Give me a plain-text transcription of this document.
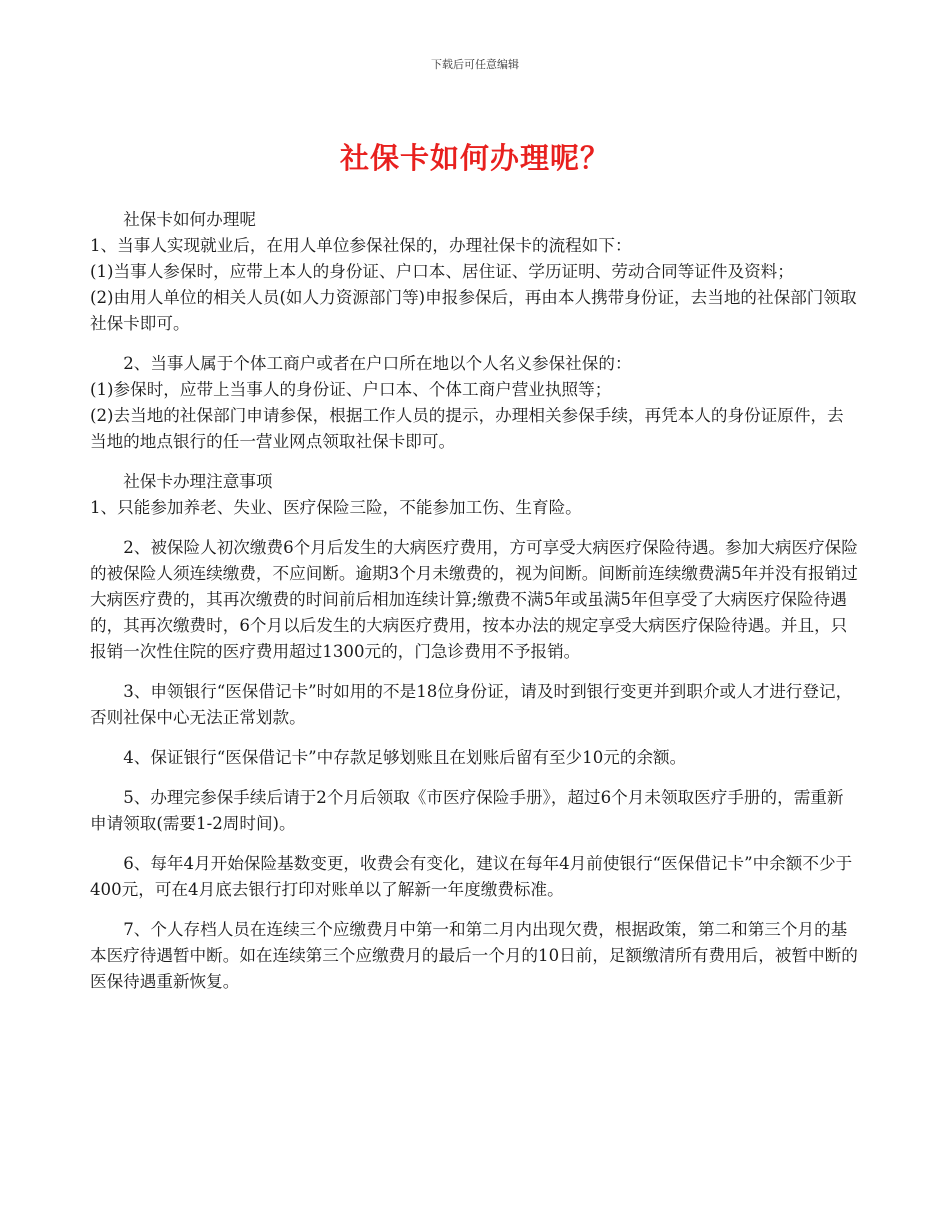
下载后可任意编辑
社保卡如何办理呢？

社保卡如何办理呢

1、当事人实现就业后，在用人单位参保社保的，办理社保卡的流程如下：

(1)当事人参保时，应带上本人的身份证、户口本、居住证、学历证明、劳动合同等证件及资料；

(2)由用人单位的相关人员(如人力资源部门等)申报参保后，再由本人携带身份证，去当地的社保部门领取社保卡即可。

2、当事人属于个体工商户或者在户口所在地以个人名义参保社保的：

(1)参保时，应带上当事人的身份证、户口本、个体工商户营业执照等；

(2)去当地的社保部门申请参保，根据工作人员的提示，办理相关参保手续，再凭本人的身份证原件，去当地的地点银行的任一营业网点领取社保卡即可。

社保卡办理注意事项

1、只能参加养老、失业、医疗保险三险，不能参加工伤、生育险。

2、被保险人初次缴费6个月后发生的大病医疗费用，方可享受大病医疗保险待遇。参加大病医疗保险的被保险人须连续缴费，不应间断。逾期3个月未缴费的，视为间断。间断前连续缴费满5年并没有报销过大病医疗费的，其再次缴费的时间前后相加连续计算;缴费不满5年或虽满5年但享受了大病医疗保险待遇的，其再次缴费时，6个月以后发生的大病医疗费用，按本办法的规定享受大病医疗保险待遇。并且，只报销一次性住院的医疗费用超过1300元的，门急诊费用不予报销。

3、申领银行“医保借记卡”时如用的不是18位身份证，请及时到银行变更并到职介或人才进行登记，否则社保中心无法正常划款。

4、保证银行“医保借记卡”中存款足够划账且在划账后留有至少10元的余额。

5、办理完参保手续后请于2个月后领取《市医疗保险手册》，超过6个月未领取医疗手册的，需重新申请领取(需要1-2周时间)。

6、每年4月开始保险基数变更，收费会有变化，建议在每年4月前使银行“医保借记卡”中余额不少于400元，可在4月底去银行打印对账单以了解新一年度缴费标准。

7、个人存档人员在连续三个应缴费月中第一和第二月内出现欠费，根据政策，第二和第三个月的基本医疗待遇暂中断。如在连续第三个应缴费月的最后一个月的10日前，足额缴清所有费用后，被暂中断的医保待遇重新恢复。
